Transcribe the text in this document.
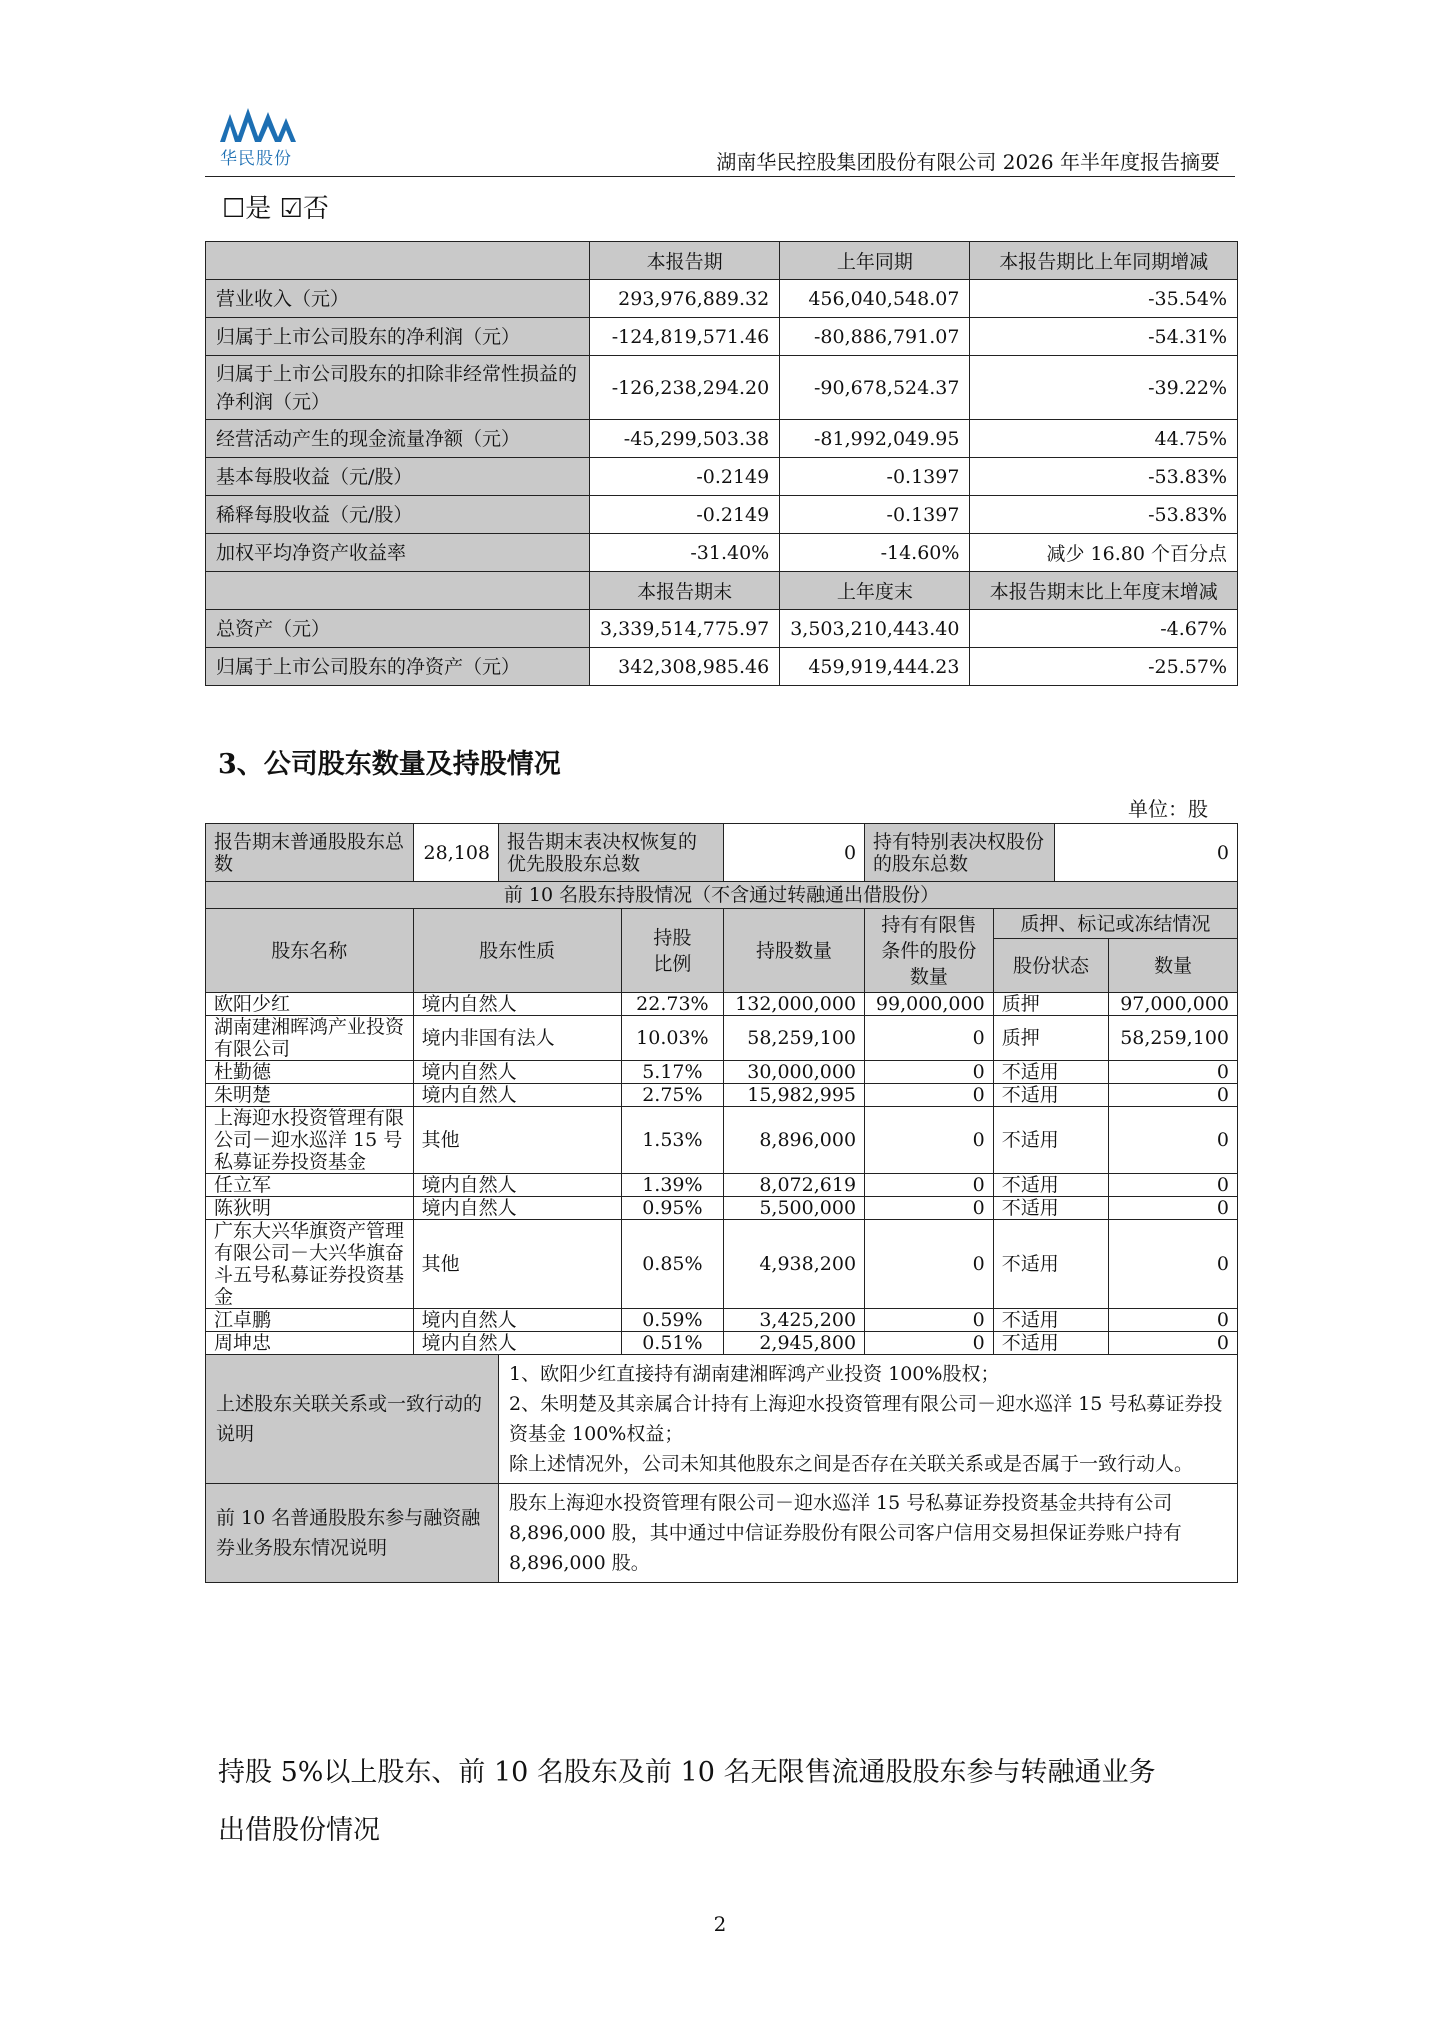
华民股份	湖南华民控股集团股份有限公司 2026 年半年度报告摘要
☐是 ☑否
	本报告期	上年同期	本报告期比上年同期增减
营业收入（元）	293,976,889.32	456,040,548.07	-35.54%
归属于上市公司股东的净利润（元）	-124,819,571.46	-80,886,791.07	-54.31%
归属于上市公司股东的扣除非经常性损益的净利润（元）	-126,238,294.20	-90,678,524.37	-39.22%
经营活动产生的现金流量净额（元）	-45,299,503.38	-81,992,049.95	44.75%
基本每股收益（元/股）	-0.2149	-0.1397	-53.83%
稀释每股收益（元/股）	-0.2149	-0.1397	-53.83%
加权平均净资产收益率	-31.40%	-14.60%	减少 16.80 个百分点
	本报告期末	上年度末	本报告期末比上年度末增减
总资产（元）	3,339,514,775.97	3,503,210,443.40	-4.67%
归属于上市公司股东的净资产（元）	342,308,985.46	459,919,444.23	-25.57%
3、公司股东数量及持股情况
单位：股
报告期末普通股股东总数	28,108	报告期末表决权恢复的优先股股东总数		0	持有特别表决权股份的股东总数		0	
前 10 名股东持股情况（不含通过转融通出借股份）								
股东名称	股东性质		持股比例	持股数量	持有有限售条件的股份数量	质押、标记或冻结情况		
						股份状态		数量
欧阳少红	境内自然人		22.73%	132,000,000	99,000,000	质押		97,000,000
湖南建湘晖鸿产业投资有限公司	境内非国有法人		10.03%	58,259,100	0	质押		58,259,100
杜勤德	境内自然人		5.17%	30,000,000	0	不适用		0
朱明楚	境内自然人		2.75%	15,982,995	0	不适用		0
上海迎水投资管理有限公司－迎水巡洋 15 号私募证券投资基金	其他		1.53%	8,896,000	0	不适用		0
任立军	境内自然人		1.39%	8,072,619	0	不适用		0
陈狄明	境内自然人		0.95%	5,500,000	0	不适用		0
广东大兴华旗资产管理有限公司－大兴华旗奋斗五号私募证券投资基金	其他		0.85%	4,938,200	0	不适用		0
江卓鹏	境内自然人		0.59%	3,425,200	0	不适用		0
周坤忠	境内自然人		0.51%	2,945,800	0	不适用		0
上述股东关联关系或一致行动的说明		1、欧阳少红直接持有湖南建湘晖鸿产业投资 100%股权；
2、朱明楚及其亲属合计持有上海迎水投资管理有限公司－迎水巡洋 15 号私募证券投资基金 100%权益；
除上述情况外，公司未知其他股东之间是否存在关联关系或是否属于一致行动人。						
前 10 名普通股股东参与融资融券业务股东情况说明		股东上海迎水投资管理有限公司－迎水巡洋 15 号私募证券投资基金共持有公司 8,896,000 股，其中通过中信证券股份有限公司客户信用交易担保证券账户持有 8,896,000 股。						
持股 5%以上股东、前 10 名股东及前 10 名无限售流通股股东参与转融通业务
出借股份情况
2
